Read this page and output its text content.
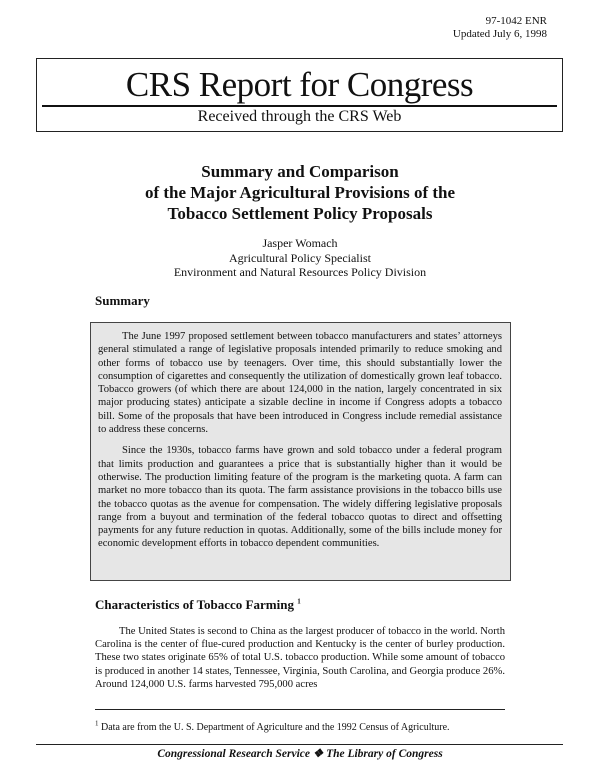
97-1042 ENR
Updated July 6, 1998
CRS Report for Congress
Received through the CRS Web
Summary and Comparison
of the Major Agricultural Provisions of the
Tobacco Settlement Policy Proposals
Jasper Womach
Agricultural Policy Specialist
Environment and Natural Resources Policy Division
Summary

The June 1997 proposed settlement between tobacco manufacturers and states’ attorneys general stimulated a range of legislative proposals intended primarily to reduce smoking and other forms of tobacco use by teenagers. Over time, this should substantially lower the consumption of cigarettes and consequently the utilization of domestically grown leaf tobacco. Tobacco growers (of which there are about 124,000 in the nation, largely concentrated in six major producing states) anticipate a sizable decline in income if Congress adopts a tobacco bill. Some of the proposals that have been introduced in Congress include remedial assistance to address these concerns.

Since the 1930s, tobacco farms have grown and sold tobacco under a federal program that limits production and guarantees a price that is substantially higher than it would be otherwise. The production limiting feature of the program is the marketing quota. A farm can market no more tobacco than its quota. The farm assistance provisions in the tobacco bills use the tobacco quotas as the avenue for compensation. The widely differing legislative proposals range from a buyout and termination of the federal tobacco quotas to direct and offsetting payments for any future reduction in quotas. Additionally, some of the bills include money for economic development efforts in tobacco dependent communities.

Characteristics of Tobacco Farming $^1$

The United States is second to China as the largest producer of tobacco in the world. North Carolina is the center of flue-cured production and Kentucky is the center of burley production. These two states originate 65% of total U.S. tobacco production. While some amount of tobacco is produced in another 14 states, Tennessee, Virginia, South Carolina, and Georgia produce 26%. Around 124,000 U.S. farms harvested 795,000 acres

$^1$ Data are from the U. S. Department of Agriculture and the 1992 Census of Agriculture.
Congressional Research Service ❖ The Library of Congress
